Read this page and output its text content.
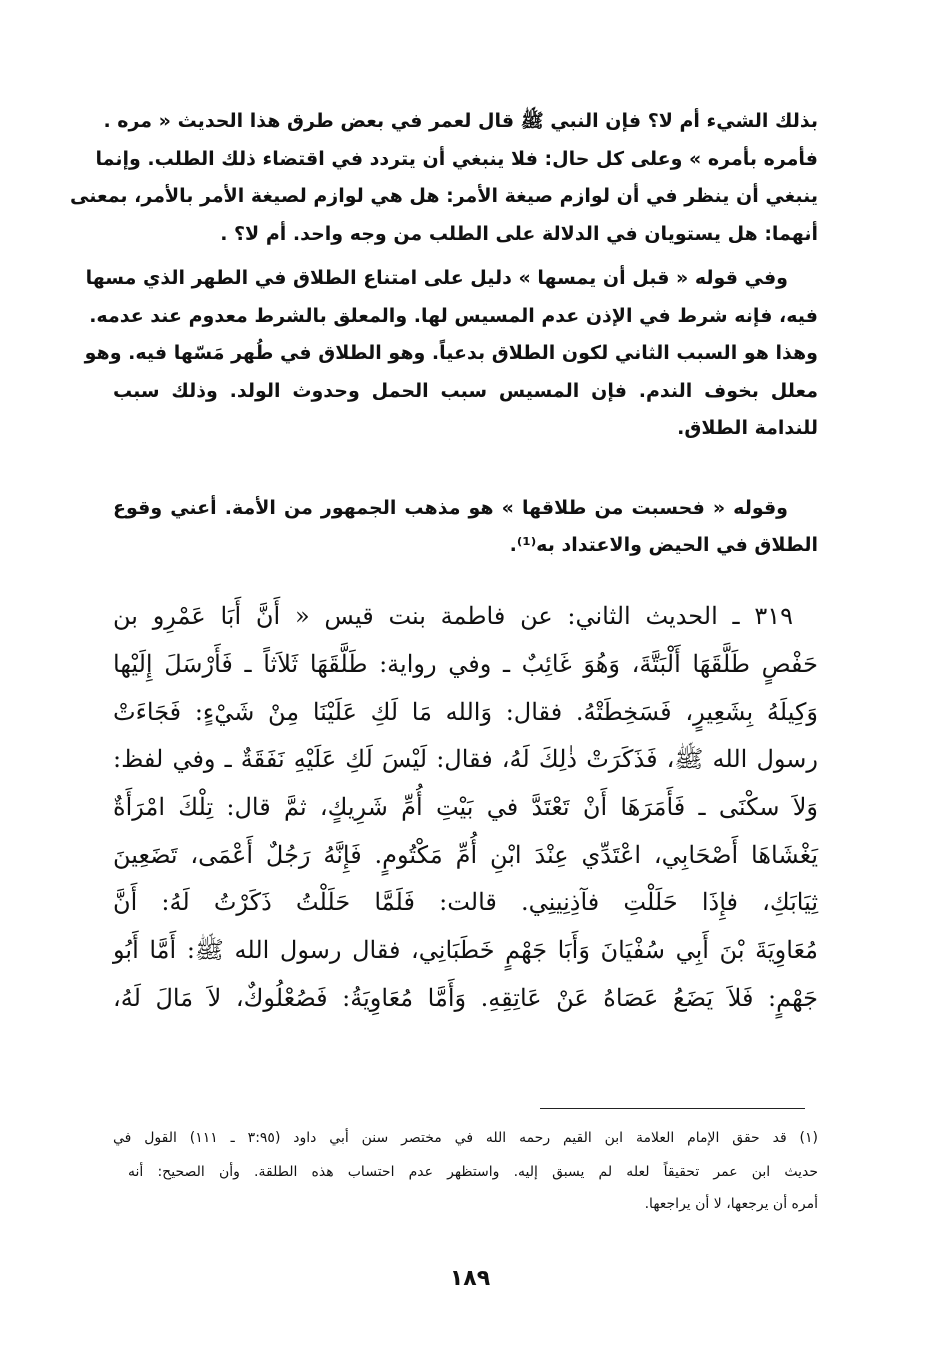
بذلك الشيء أم لا؟ فإن النبي ﷺ قال لعمر في بعض طرق هذا الحديث « مره .
فأمره بأمره » وعلى كل حال: فلا ينبغي أن يتردد في اقتضاء ذلك الطلب. وإنما
ينبغي أن ينظر في أن لوازم صيغة الأمر: هل هي لوازم لصيغة الأمر بالأمر، بمعنى
أنهما: هل يستويان في الدلالة على الطلب من وجه واحد. أم لا؟ .
وفي قوله « قبل أن يمسها » دليل على امتناع الطلاق في الطهر الذي مسها
فيه، فإنه شرط في الإذن عدم المسيس لها. والمعلق بالشرط معدوم عند عدمه.
وهذا هو السبب الثاني لكون الطلاق بدعياً. وهو الطلاق في طُهر مَسّها فيه. وهو
معلل بخوف الندم. فإن المسيس سبب الحمل وحدوث الولد. وذلك سبب
للندامة الطلاق.
وقوله « فحسبت من طلاقها » هو مذهب الجمهور من الأمة. أعني وقوع
الطلاق في الحيض والاعتداد به⁽¹⁾.
٣١٩ ـ الحديث الثاني: عن فاطمة بنت قيس « أَنَّ أَبَا عَمْرِو بن
حَفْصٍ طَلَّقَهَا أَلْبَتَّةَ، وَهُوَ غَائِبٌ ـ وفي رواية: طَلَّقَهَا ثَلاَثاً ـ فَأَرْسَلَ إِلَيْها
وَكِيلَهُ بِشَعِيرٍ، فَسَخِطَتْهُ. فقال: وَالله مَا لَكِ عَلَيْنَا مِنْ شَيْءٍ: فَجَاءَتْ
رسول الله ﷺ، فَذَكَرَتْ ذٰلِكَ لَهُ، فقال: لَيْسَ لَكِ عَلَيْهِ نَفَقَةٌ ـ وفي لفظ:
وَلاَ سكْنَى ـ فَأَمَرَهَا أَنْ تَعْتَدَّ في بَيْتِ أُمِّ شَرِيكٍ، ثمَّ قال: تِلْكَ امْرَأَةٌ
يَغْشَاهَا أَصْحَابِي، اعْتَدِّي عِنْدَ ابْنِ أُمِّ مَكْتُومٍ. فَإِنَّهُ رَجُلٌ أَعْمَى، تَضَعِينَ
ثِيَابَكِ، فإِذَا حَلَلْتِ فآذِنِينِي. قالت: فَلَمَّا حَلَلْتُ ذَكَرْتُ لَهُ: أَنَّ
مُعَاوِيَةَ بْنَ أَبِي سُفْيَانَ وَأَبَا جَهْمٍ خَطَبَانِي، فقال رسول الله ﷺ: أَمَّا أَبُو
جَهْمٍ: فَلاَ يَضَعُ عَصَاهُ عَنْ عَاتِقِهِ. وَأَمَّا مُعَاوِيَةُ: فَصُعْلُوكٌ، لاَ مَالَ لَهُ،
(١) قد حقق الإمام العلامة ابن القيم رحمه الله في مختصر سنن أبي داود (٣:٩٥ ـ ١١١) القول في
حديث ابن عمر تحقيقاً لعله لم يسبق إليه. واستظهر عدم احتساب هذه الطلقة. وأن الصحيح: أنه
أمره أن يرجعها، لا أن يراجعها.
١٨٩
